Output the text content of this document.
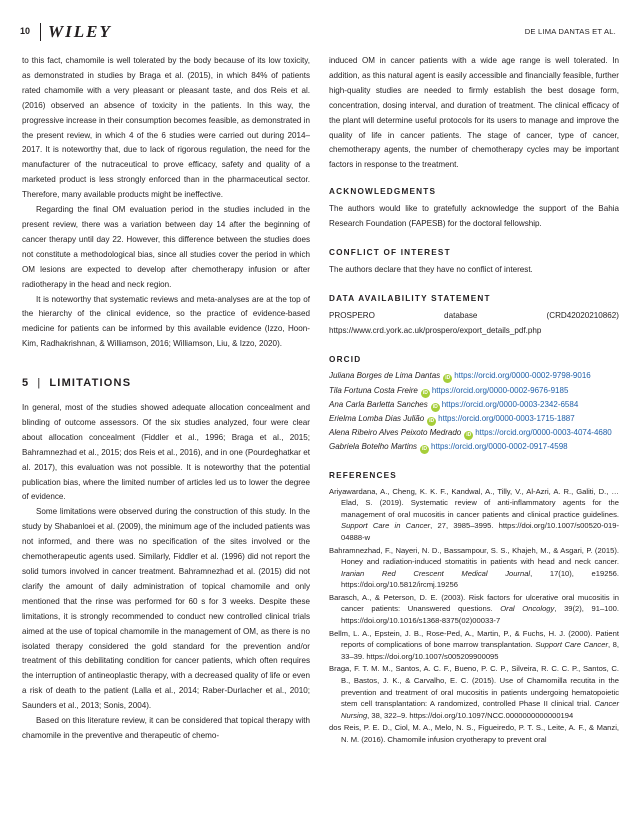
10 WILEY	DE LIMA DANTAS ET AL.

to this fact, chamomile is well tolerated by the body because of its low toxicity, as demonstrated in studies by Braga et al. (2015), in which 84% of patients rated chamomile with a very pleasant or pleasant taste, and dos Reis et al. (2016) observed an absence of toxicity in the patients. In this way, the progressive increase in their consumption becomes feasible, as demonstrated in the present review, in which 4 of the 6 studies were carried out during 2014–2017. It is noteworthy that, due to lack of rigorous regulation, the need for the manufacturer of the nutraceutical to prove efficacy, safety and quality of a marketed product is less strongly enforced than in the pharmaceutical sector. Therefore, many available products might be ineffective.

Regarding the final OM evaluation period in the studies included in the present review, there was a variation between day 14 after the beginning of cancer therapy until day 22. However, this difference between the studies does not constitute a methodological bias, since all studies cover the period in which OM lesions are expected to develop after chemotherapy infusion or after radiotherapy in the head and neck region.

It is noteworthy that systematic reviews and meta-analyses are at the top of the hierarchy of the clinical evidence, so the practice of evidence-based medicine for patients can be informed by this available evidence (Izzo, Hoon-Kim, Radhakrishnan, & Williamson, 2016; Williamson, Liu, & Izzo, 2020).

5 | LIMITATIONS

In general, most of the studies showed adequate allocation concealment and blinding of outcome assessors. Of the six studies analyzed, four were clear about allocation concealment (Fiddler et al., 1996; Braga et al., 2015; Bahramnezhad et al., 2015; dos Reis et al., 2016), and in one (Pourdeghatkar et al. 2017), this evaluation was not possible. It is noteworthy that the potential publication bias, where the limited number of articles led us to lower the degree of evidence.

Some limitations were observed during the construction of this study. In the study by Shabanloei et al. (2009), the minimum age of the included patients was not informed, and there was no specification of the sites involved or the chemotherapeutic agents used. Similarly, Fiddler et al. (1996) did not report the solid tumors involved in cancer treatment. Bahramnezhad et al. (2015) did not clarify the amount of daily administration of topical chamomile and only mentioned that the rinse was performed for 60 s for 3 weeks. Despite these limitations, it is strongly recommended to conduct new controlled clinical trials aimed at the use of topical chamomile in the management of OM, as there is no isolated therapy considered the gold standard for the prevention and/or treatment of this debilitating condition for cancer patients, which often requires the interruption of antineoplastic therapy, with a decreased quality of life or even a risk of death to the patient (Lalla et al., 2014; Raber-Durlacher et al., 2010; Saunders et al., 2013; Sonis, 2004).

Based on this literature review, it can be considered that topical therapy with chamomile in the preventive and therapeutic of chemo-

induced OM in cancer patients with a wide age range is well tolerated. In addition, as this natural agent is easily accessible and financially feasible, further high-quality studies are needed to firmly establish the best dosage form, concentration, dosing interval, and duration of treatment. The clinical efficacy of the plant will determine useful protocols for its users to manage and improve the quality of life in cancer patients. The stage of cancer, type of cancer, chemotherapy agents, the number of chemotherapy cycles may be important factors in response to the treatment.

ACKNOWLEDGMENTS

The authors would like to gratefully acknowledge the support of the Bahia Research Foundation (FAPESB) for the doctoral fellowship.

CONFLICT OF INTEREST

The authors declare that they have no conflict of interest.

DATA AVAILABILITY STATEMENT

PROSPERO database (CRD42020210862) https://www.crd.york.ac.uk/prospero/export_details_pdf.php

ORCID
Juliana Borges de Lima Dantas iD https://orcid.org/0000-0002-9798-9016
Tila Fortuna Costa Freire iD https://orcid.org/0000-0002-9676-9185
Ana Carla Barletta Sanches iD https://orcid.org/0000-0003-2342-6584
Erielma Lomba Dias Julião iD https://orcid.org/0000-0003-1715-1887
Alena Ribeiro Alves Peixoto Medrado iD https://orcid.org/0000-0003-4074-4680
Gabriela Botelho Martins iD https://orcid.org/0000-0002-0917-4598
REFERENCES

Ariyawardana, A., Cheng, K. K. F., Kandwal, A., Tilly, V., Al-Azri, A. R., Galiti, D., … Elad, S. (2019). Systematic review of anti-inflammatory agents for the management of oral mucositis in cancer patients and clinical practice guidelines. Support Care in Cancer, 27, 3985–3995. https://doi.org/10.1007/s00520-019-04888-w

Bahramnezhad, F., Nayeri, N. D., Bassampour, S. S., Khajeh, M., & Asgari, P. (2015). Honey and radiation-induced stomatitis in patients with head and neck cancer. Iranian Red Crescent Medical Journal, 17(10), e19256. https://doi.org/10.5812/ircmj.19256

Barasch, A., & Peterson, D. E. (2003). Risk factors for ulcerative oral mucositis in cancer patients: Unanswered questions. Oral Oncology, 39(2), 91–100. https://doi.org/10.1016/s1368-8375(02)00033-7

Bellm, L. A., Epstein, J. B., Rose-Ped, A., Martin, P., & Fuchs, H. J. (2000). Patient reports of complications of bone marrow transplantation. Support Care Cancer, 8, 33–39. https://doi.org/10.1007/s005209900095

Braga, F. T. M. M., Santos, A. C. F., Bueno, P. C. P., Silveira, R. C. C. P., Santos, C. B., Bastos, J. K., & Carvalho, E. C. (2015). Use of Chamomilla recutita in the prevention and treatment of oral mucositis in patients undergoing hematopoietic stem cell transplantation: A randomized, controlled Phase II clinical trial. Cancer Nursing, 38, 322–9. https://doi.org/10.1097/NCC.0000000000000194

dos Reis, P. E. D., Ciol, M. A., Melo, N. S., Figueiredo, P. T. S., Leite, A. F., & Manzi, N. M. (2016). Chamomile infusion cryotherapy to prevent oral
